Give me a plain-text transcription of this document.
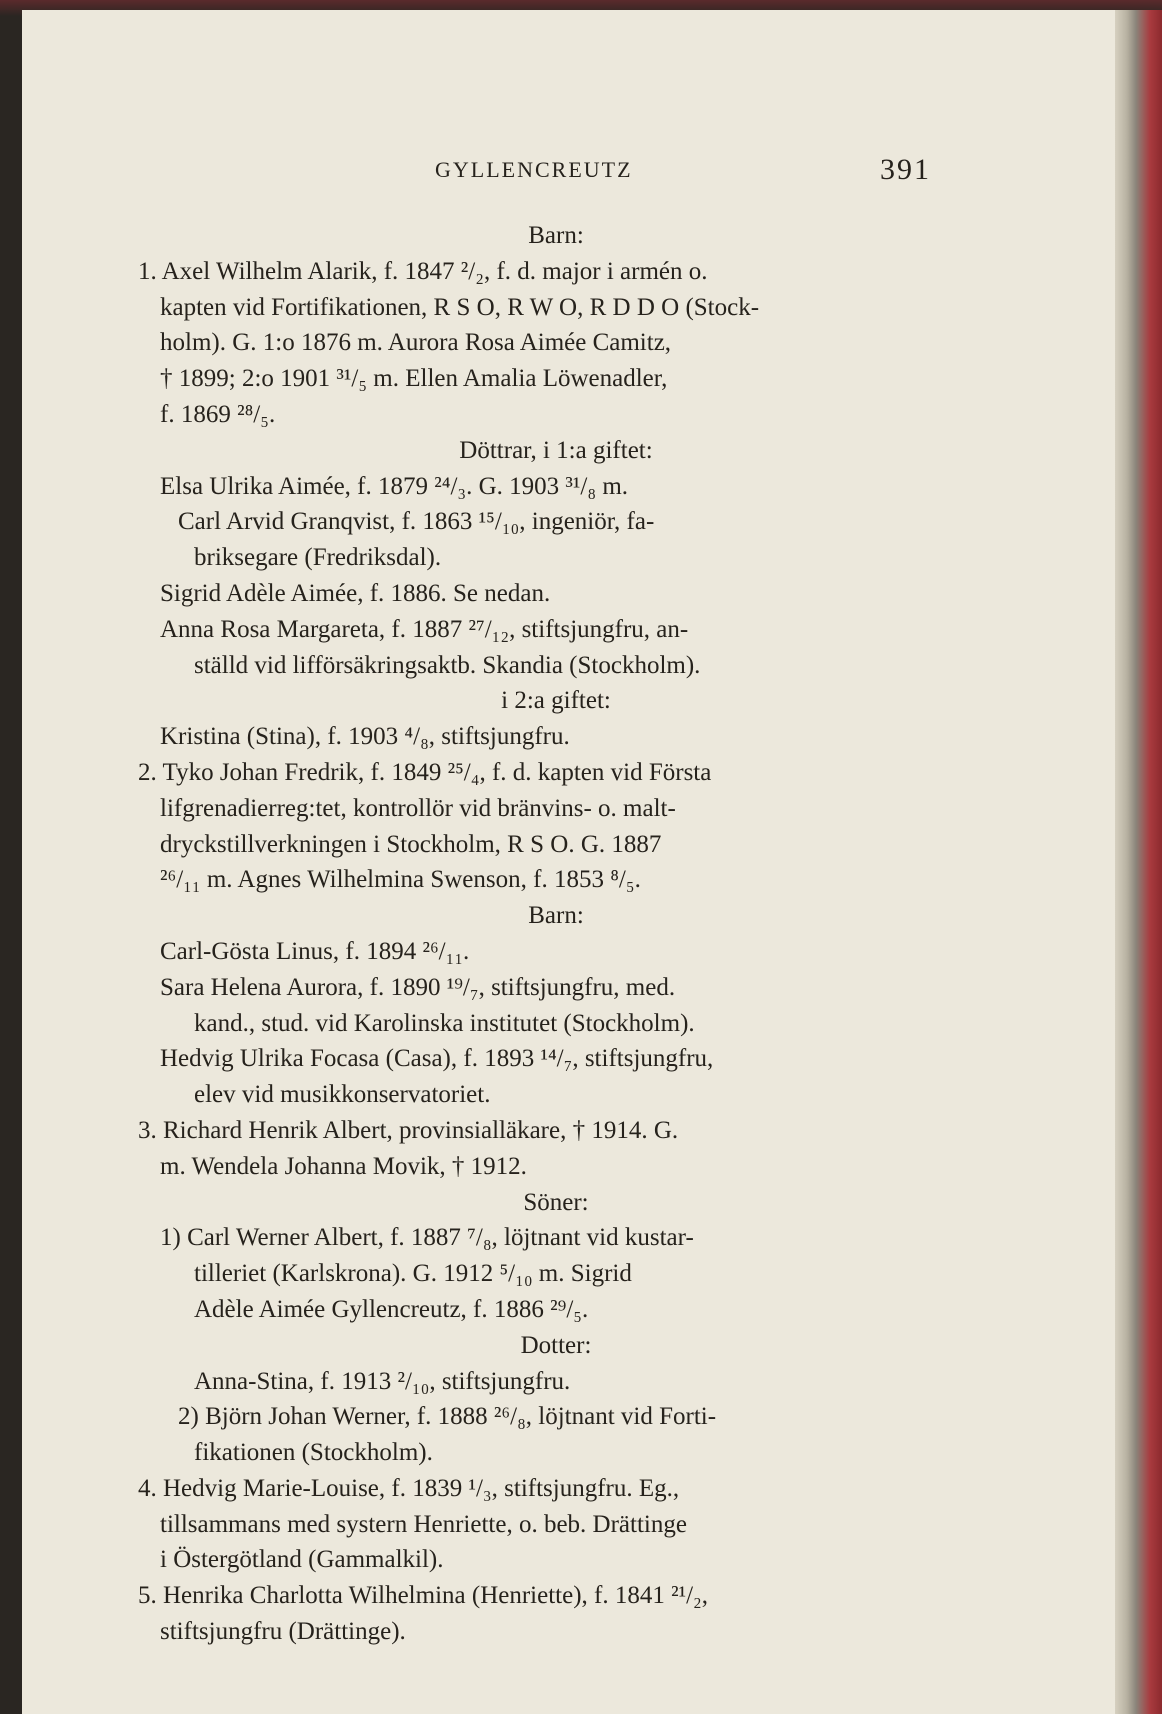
GYLLENCREUTZ	391
Barn:
1. Axel Wilhelm Alarik, f. 1847 ²/₂, f. d. major i armén o.
kapten vid Fortifikationen, R S O, R W O, R D D O (Stock-
holm). G. 1:o 1876 m. Aurora Rosa Aimée Camitz,
† 1899; 2:o 1901 ³¹/₅ m. Ellen Amalia Löwenadler,
f. 1869 ²⁸/₅.
Döttrar, i 1:a giftet:
Elsa Ulrika Aimée, f. 1879 ²⁴/₃. G. 1903 ³¹/₈ m.
Carl Arvid Granqvist, f. 1863 ¹⁵/₁₀, ingeniör, fa-
briksegare (Fredriksdal).
Sigrid Adèle Aimée, f. 1886. Se nedan.
Anna Rosa Margareta, f. 1887 ²⁷/₁₂, stiftsjungfru, an-
ställd vid lifförsäkringsaktb. Skandia (Stockholm).
i 2:a giftet:
Kristina (Stina), f. 1903 ⁴/₈, stiftsjungfru.
2. Tyko Johan Fredrik, f. 1849 ²⁵/₄, f. d. kapten vid Första
lifgrenadierreg:tet, kontrollör vid bränvins- o. malt-
dryckstillverkningen i Stockholm, R S O. G. 1887
²⁶/₁₁ m. Agnes Wilhelmina Swenson, f. 1853 ⁸/₅.
Barn:
Carl-Gösta Linus, f. 1894 ²⁶/₁₁.
Sara Helena Aurora, f. 1890 ¹⁹/₇, stiftsjungfru, med.
kand., stud. vid Karolinska institutet (Stockholm).
Hedvig Ulrika Focasa (Casa), f. 1893 ¹⁴/₇, stiftsjungfru,
elev vid musikkonservatoriet.
3. Richard Henrik Albert, provinsialläkare, † 1914. G.
m. Wendela Johanna Movik, † 1912.
Söner:
1) Carl Werner Albert, f. 1887 ⁷/₈, löjtnant vid kustar-
tilleriet (Karlskrona). G. 1912 ⁵/₁₀ m. Sigrid
Adèle Aimée Gyllencreutz, f. 1886 ²⁹/₅.
Dotter:
Anna-Stina, f. 1913 ²/₁₀, stiftsjungfru.
2) Björn Johan Werner, f. 1888 ²⁶/₈, löjtnant vid Forti-
fikationen (Stockholm).
4. Hedvig Marie-Louise, f. 1839 ¹/₃, stiftsjungfru. Eg.,
tillsammans med systern Henriette, o. beb. Drättinge
i Östergötland (Gammalkil).
5. Henrika Charlotta Wilhelmina (Henriette), f. 1841 ²¹/₂,
stiftsjungfru (Drättinge).
